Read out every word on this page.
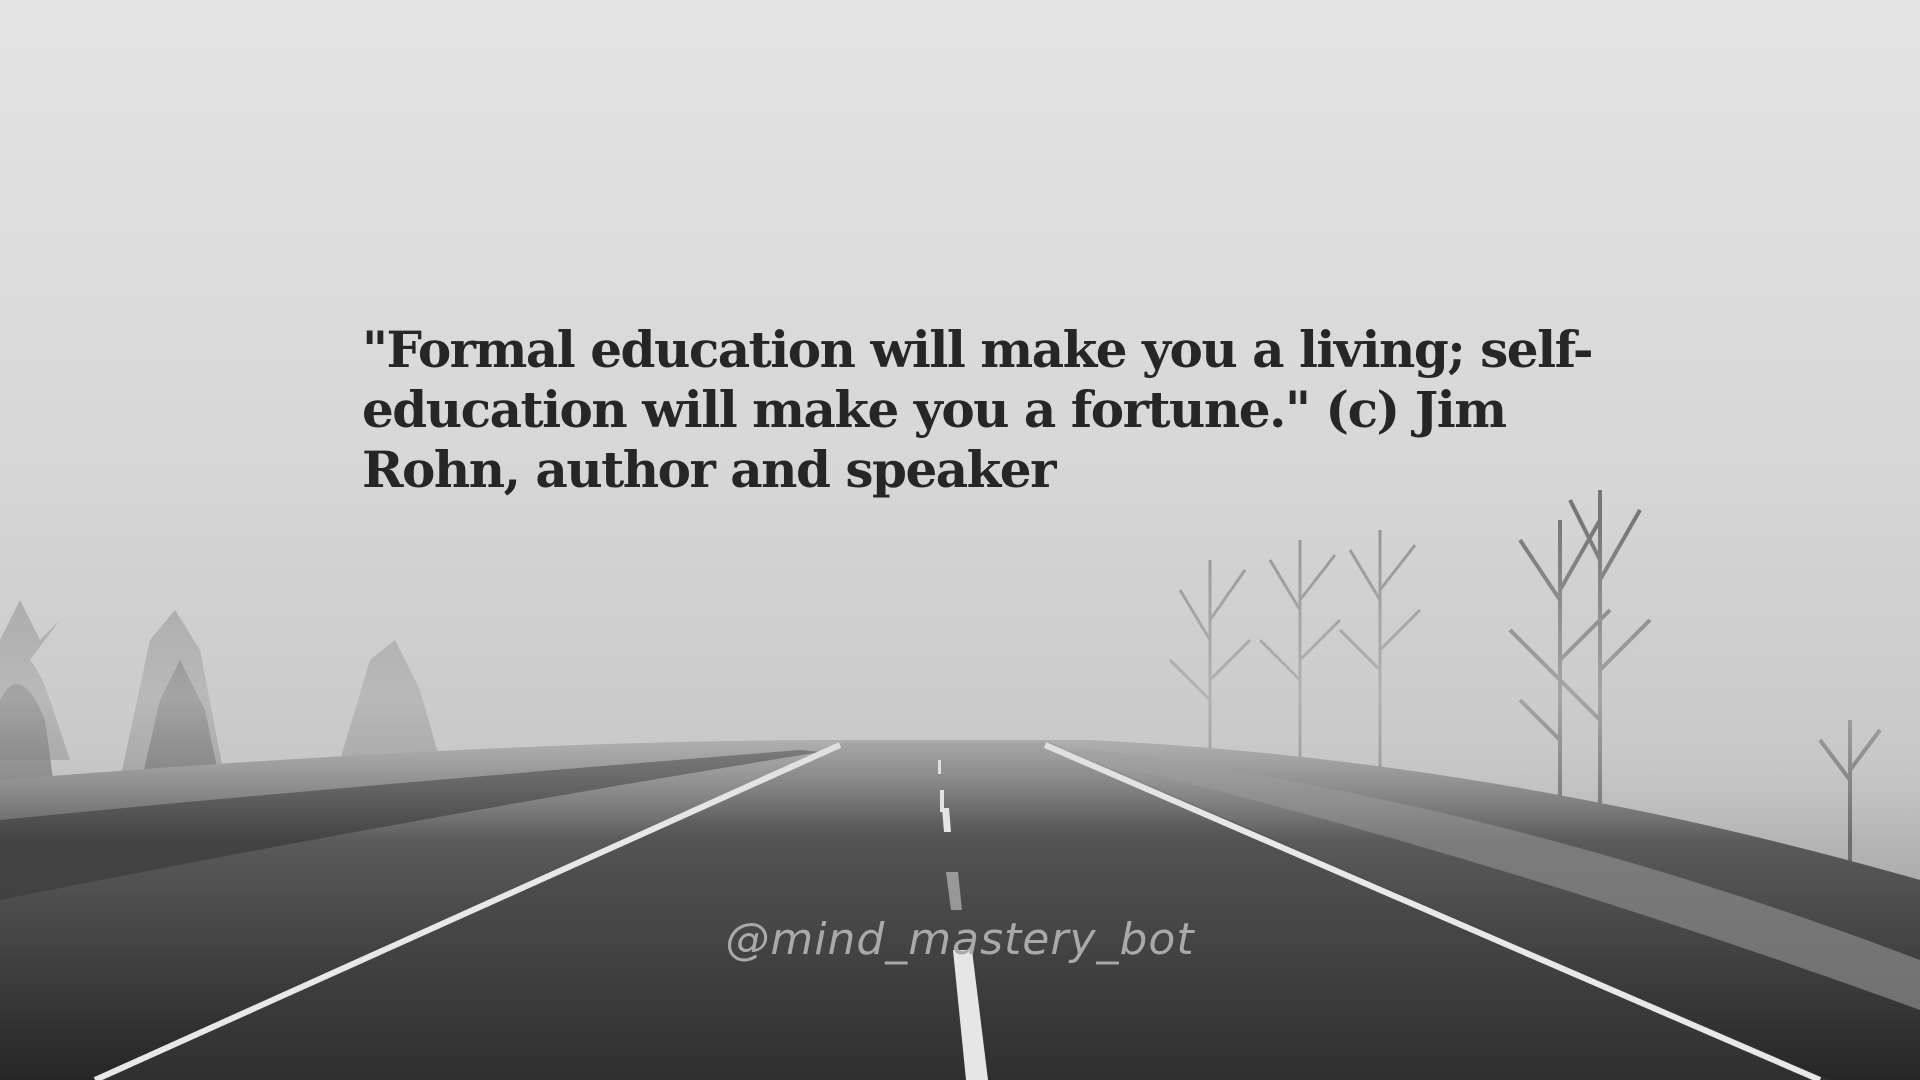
"Formal education will make you a living; self-education will make you a fortune." (c) Jim Rohn, author and speaker

@mind_mastery_bot
